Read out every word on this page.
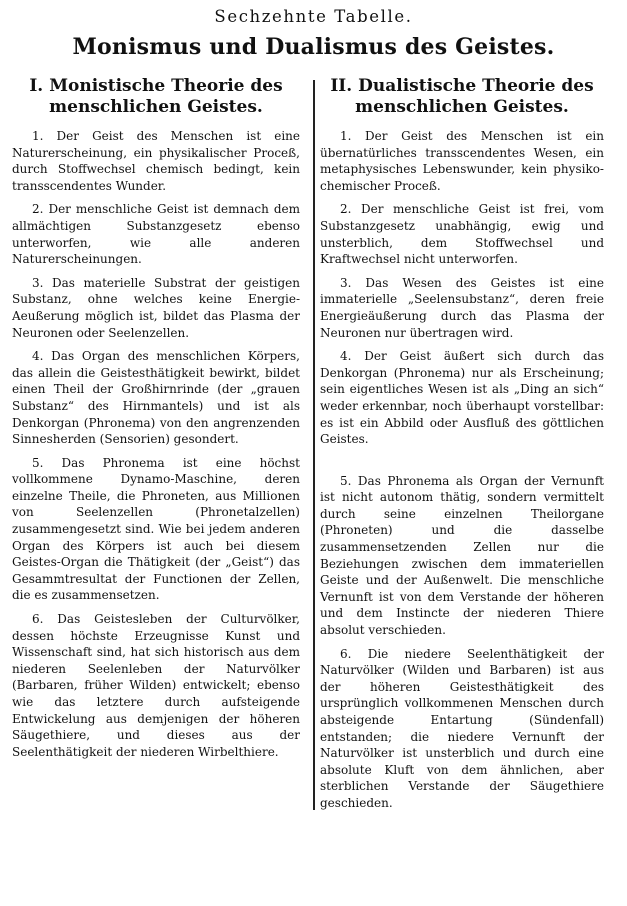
Sechzehnte Tabelle.
Monismus und Dualismus des Geistes.
I. Monistische Theorie des menschlichen Geistes.

1. Der Geist des Menschen ist eine Naturerscheinung, ein physikalischer Proceß, durch Stoffwechsel chemisch bedingt, kein transscendentes Wunder.

2. Der menschliche Geist ist demnach dem allmächtigen Substanzgesetz ebenso unterworfen, wie alle anderen Naturerscheinungen.

3. Das materielle Substrat der geistigen Substanz, ohne welches keine Energie-Aeußerung möglich ist, bildet das Plasma der Neuronen oder Seelenzellen.

4. Das Organ des menschlichen Körpers, das allein die Geistesthätigkeit bewirkt, bildet einen Theil der Großhirnrinde (der „grauen Substanz“ des Hirnmantels) und ist als Denkorgan (Phronema) von den angrenzenden Sinnesherden (Sensorien) gesondert.

5. Das Phronema ist eine höchst vollkommene Dynamo-Maschine, deren einzelne Theile, die Phroneten, aus Millionen von Seelenzellen (Phronetalzellen) zusammengesetzt sind. Wie bei jedem anderen Organ des Körpers ist auch bei diesem Geistes-Organ die Thätigkeit (der „Geist“) das Gesammtresultat der Functionen der Zellen, die es zusammensetzen.

6. Das Geistesleben der Culturvölker, dessen höchste Erzeugnisse Kunst und Wissenschaft sind, hat sich historisch aus dem niederen Seelenleben der Naturvölker (Barbaren, früher Wilden) entwickelt; ebenso wie das letztere durch aufsteigende Entwickelung aus demjenigen der höheren Säugethiere, und dieses aus der Seelenthätigkeit der niederen Wirbelthiere.

II. Dualistische Theorie des menschlichen Geistes.

1. Der Geist des Menschen ist ein übernatürliches transscendentes Wesen, ein metaphysisches Lebenswunder, kein physiko-chemischer Proceß.

2. Der menschliche Geist ist frei, vom Substanzgesetz unabhängig, ewig und unsterblich, dem Stoffwechsel und Kraftwechsel nicht unterworfen.

3. Das Wesen des Geistes ist eine immaterielle „Seelensubstanz“, deren freie Energieäußerung durch das Plasma der Neuronen nur übertragen wird.

4. Der Geist äußert sich durch das Denkorgan (Phronema) nur als Erscheinung; sein eigentliches Wesen ist als „Ding an sich“ weder erkennbar, noch überhaupt vorstellbar: es ist ein Abbild oder Ausfluß des göttlichen Geistes.

5. Das Phronema als Organ der Vernunft ist nicht autonom thätig, sondern vermittelt durch seine einzelnen Theilorgane (Phroneten) und die dasselbe zusammensetzenden Zellen nur die Beziehungen zwischen dem immateriellen Geiste und der Außenwelt. Die menschliche Vernunft ist von dem Verstande der höheren und dem Instincte der niederen Thiere absolut verschieden.

6. Die niedere Seelenthätigkeit der Naturvölker (Wilden und Barbaren) ist aus der höheren Geistesthätigkeit des ursprünglich vollkommenen Menschen durch absteigende Entartung (Sündenfall) entstanden; die niedere Vernunft der Naturvölker ist unsterblich und durch eine absolute Kluft von dem ähnlichen, aber sterblichen Verstande der Säugethiere geschieden.
